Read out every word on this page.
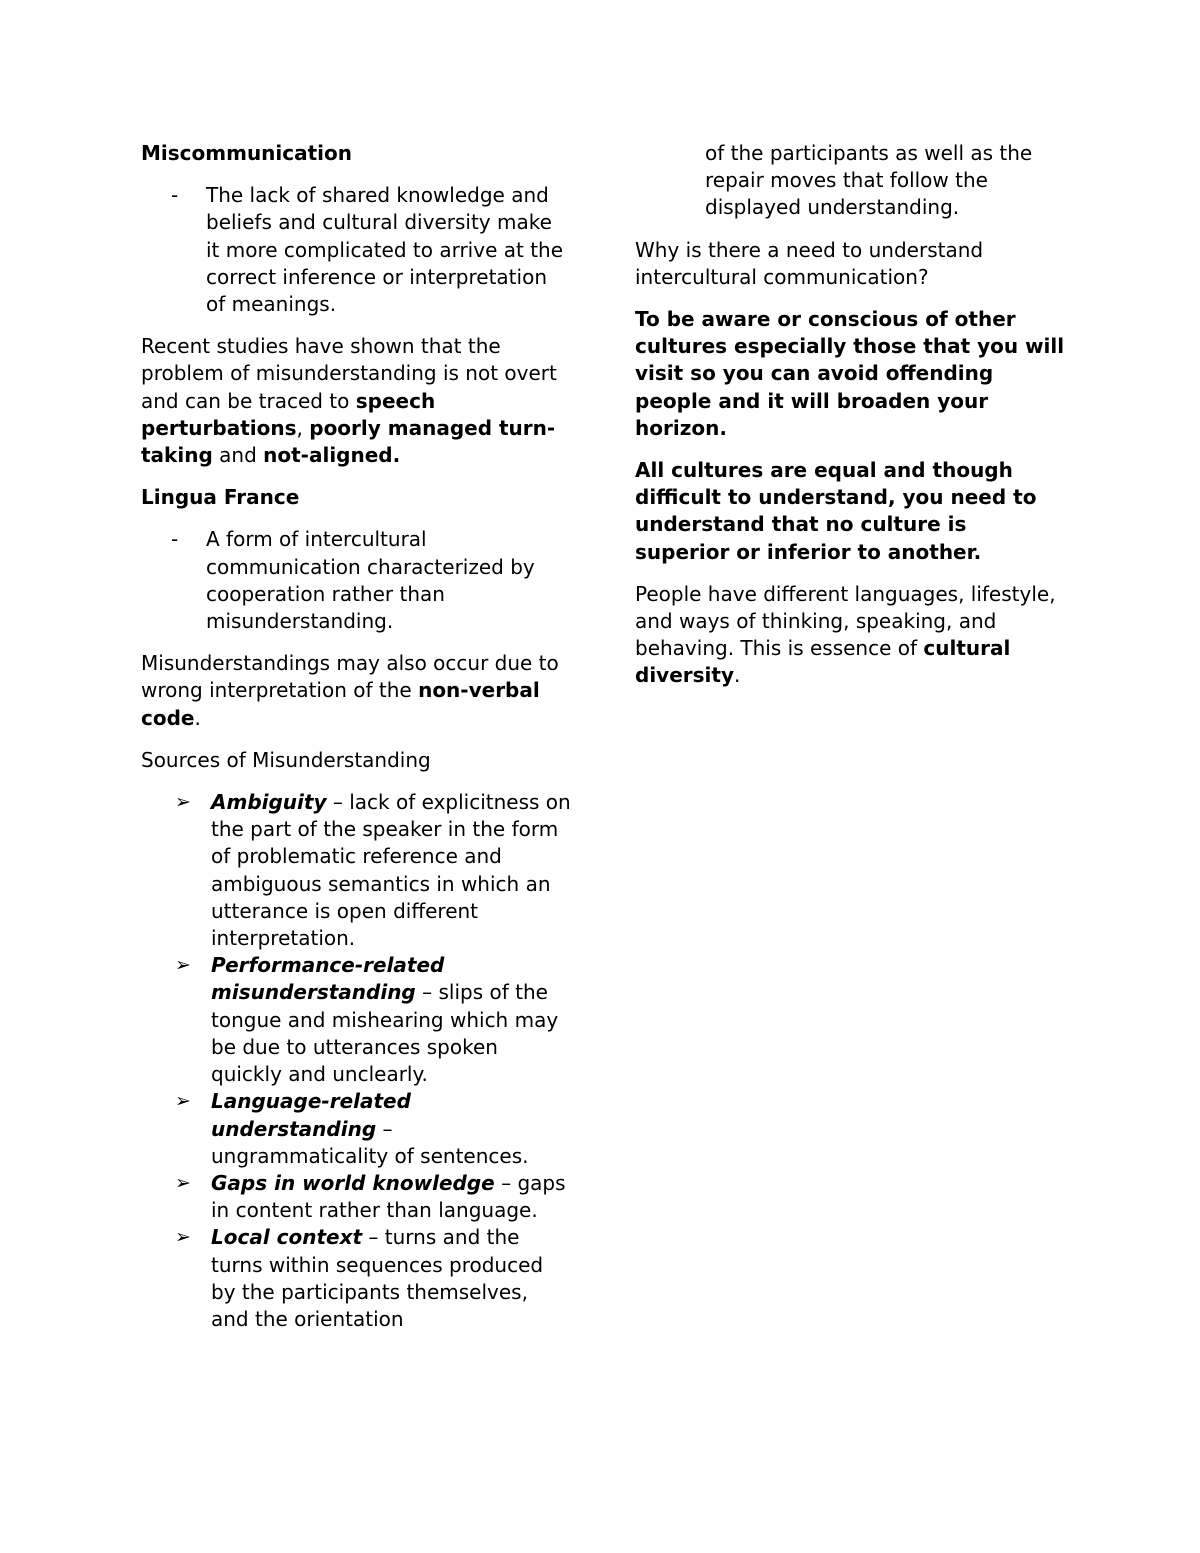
Miscommunication

- The lack of shared knowledge and beliefs and cultural diversity make it more complicated to arrive at the correct inference or interpretation of meanings.

Recent studies have shown that the problem of misunderstanding is not overt and can be traced to speech perturbations, poorly managed turn-taking and not-aligned.

Lingua France

- A form of intercultural communication characterized by cooperation rather than misunderstanding.

Misunderstandings may also occur due to wrong interpretation of the non-verbal code.

Sources of Misunderstanding

➢ Ambiguity – lack of explicitness on the part of the speaker in the form of problematic reference and ambiguous semantics in which an utterance is open different interpretation.
➢ Performance-related misunderstanding – slips of the tongue and mishearing which may be due to utterances spoken quickly and unclearly.
➢ Language-related understanding – ungrammaticality of sentences.
➢ Gaps in world knowledge – gaps in content rather than language.
➢ Local context – turns and the turns within sequences produced by the participants themselves, and the orientation

of the participants as well as the repair moves that follow the displayed understanding.

Why is there a need to understand intercultural communication?

To be aware or conscious of other cultures especially those that you will visit so you can avoid offending people and it will broaden your horizon.

All cultures are equal and though difficult to understand, you need to understand that no culture is superior or inferior to another.

People have different languages, lifestyle, and ways of thinking, speaking, and behaving. This is essence of cultural diversity.
